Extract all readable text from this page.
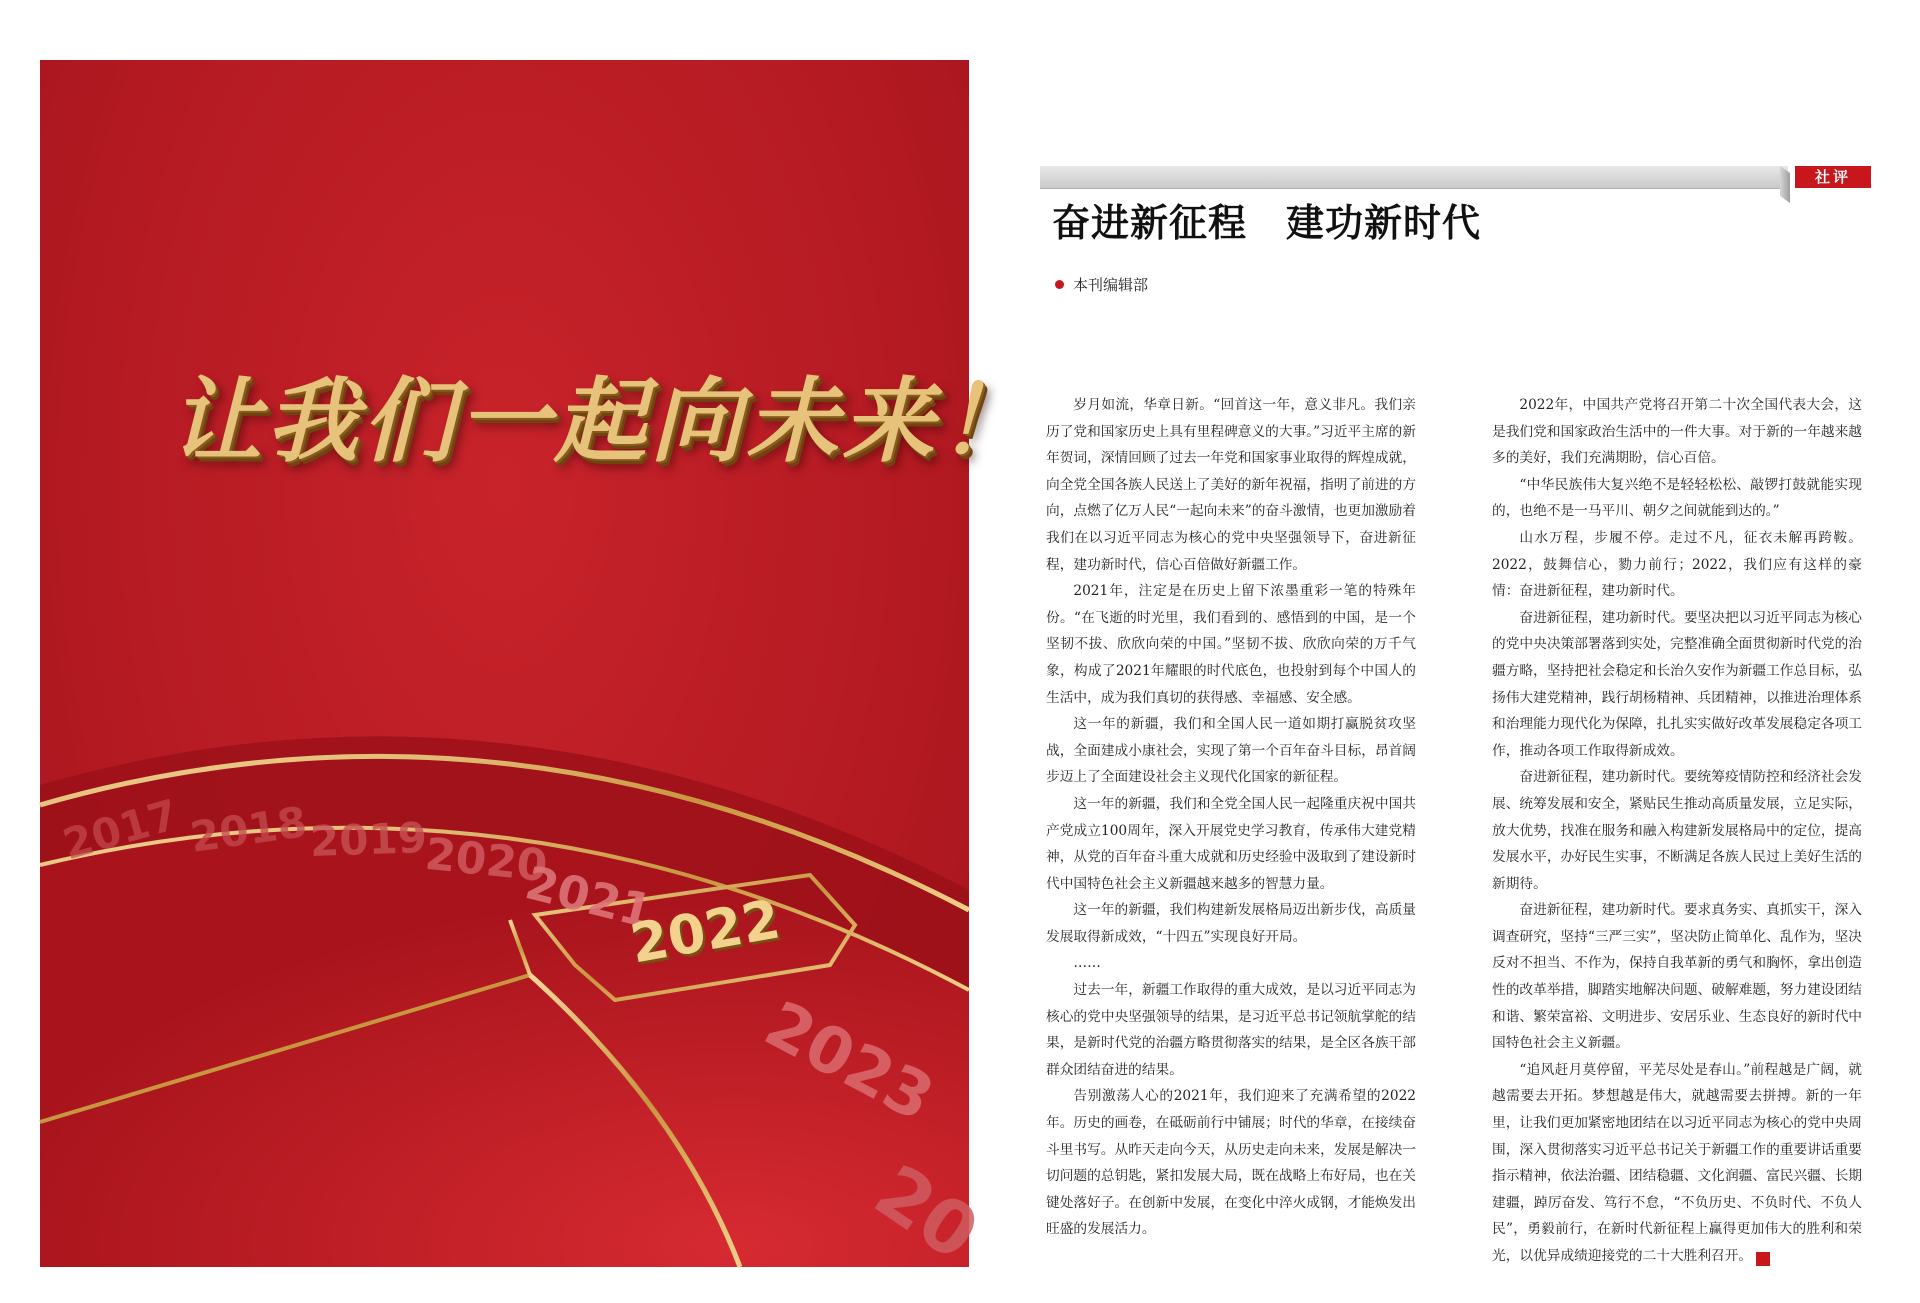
让我们一起向未来！
2017 2018 2019
2020
2021
2022
2023
20
社评
奋进新征程　建功新时代
本刊编辑部

岁月如流，华章日新。“回首这一年，意义非凡。我们亲历了党和国家历史上具有里程碑意义的大事。”习近平主席的新年贺词，深情回顾了过去一年党和国家事业取得的辉煌成就，向全党全国各族人民送上了美好的新年祝福，指明了前进的方向，点燃了亿万人民“一起向未来”的奋斗激情，也更加激励着我们在以习近平同志为核心的党中央坚强领导下，奋进新征程，建功新时代，信心百倍做好新疆工作。

2021年，注定是在历史上留下浓墨重彩一笔的特殊年份。“在飞逝的时光里，我们看到的、感悟到的中国，是一个坚韧不拔、欣欣向荣的中国。”坚韧不拔、欣欣向荣的万千气象，构成了2021年耀眼的时代底色，也投射到每个中国人的生活中，成为我们真切的获得感、幸福感、安全感。

这一年的新疆，我们和全国人民一道如期打赢脱贫攻坚战，全面建成小康社会，实现了第一个百年奋斗目标，昂首阔步迈上了全面建设社会主义现代化国家的新征程。

这一年的新疆，我们和全党全国人民一起隆重庆祝中国共产党成立100周年，深入开展党史学习教育，传承伟大建党精神，从党的百年奋斗重大成就和历史经验中汲取到了建设新时代中国特色社会主义新疆越来越多的智慧力量。

这一年的新疆，我们构建新发展格局迈出新步伐，高质量发展取得新成效，“十四五”实现良好开局。

……

过去一年，新疆工作取得的重大成效，是以习近平同志为核心的党中央坚强领导的结果，是习近平总书记领航掌舵的结果，是新时代党的治疆方略贯彻落实的结果，是全区各族干部群众团结奋进的结果。

告别激荡人心的2021年，我们迎来了充满希望的2022年。历史的画卷，在砥砺前行中铺展；时代的华章，在接续奋斗里书写。从昨天走向今天，从历史走向未来，发展是解决一切问题的总钥匙，紧扣发展大局，既在战略上布好局，也在关键处落好子。在创新中发展，在变化中淬火成钢，才能焕发出旺盛的发展活力。

2022年，中国共产党将召开第二十次全国代表大会，这是我们党和国家政治生活中的一件大事。对于新的一年越来越多的美好，我们充满期盼，信心百倍。

“中华民族伟大复兴绝不是轻轻松松、敲锣打鼓就能实现的，也绝不是一马平川、朝夕之间就能到达的。”

山水万程，步履不停。走过不凡，征衣未解再跨鞍。2022，鼓舞信心，勠力前行；2022，我们应有这样的豪情：奋进新征程，建功新时代。

奋进新征程，建功新时代。要坚决把以习近平同志为核心的党中央决策部署落到实处，完整准确全面贯彻新时代党的治疆方略，坚持把社会稳定和长治久安作为新疆工作总目标，弘扬伟大建党精神，践行胡杨精神、兵团精神，以推进治理体系和治理能力现代化为保障，扎扎实实做好改革发展稳定各项工作，推动各项工作取得新成效。

奋进新征程，建功新时代。要统筹疫情防控和经济社会发展、统筹发展和安全，紧贴民生推动高质量发展，立足实际，放大优势，找准在服务和融入构建新发展格局中的定位，提高发展水平，办好民生实事，不断满足各族人民过上美好生活的新期待。

奋进新征程，建功新时代。要求真务实、真抓实干，深入调查研究，坚持“三严三实”，坚决防止简单化、乱作为，坚决反对不担当、不作为，保持自我革新的勇气和胸怀，拿出创造性的改革举措，脚踏实地解决问题、破解难题，努力建设团结和谐、繁荣富裕、文明进步、安居乐业、生态良好的新时代中国特色社会主义新疆。

“追风赶月莫停留，平芜尽处是春山。”前程越是广阔，就越需要去开拓。梦想越是伟大，就越需要去拼搏。新的一年里，让我们更加紧密地团结在以习近平同志为核心的党中央周围，深入贯彻落实习近平总书记关于新疆工作的重要讲话重要指示精神，依法治疆、团结稳疆、文化润疆、富民兴疆、长期建疆，踔厉奋发、笃行不怠，“不负历史、不负时代、不负人民”，勇毅前行，在新时代新征程上赢得更加伟大的胜利和荣光，以优异成绩迎接党的二十大胜利召开。	J
